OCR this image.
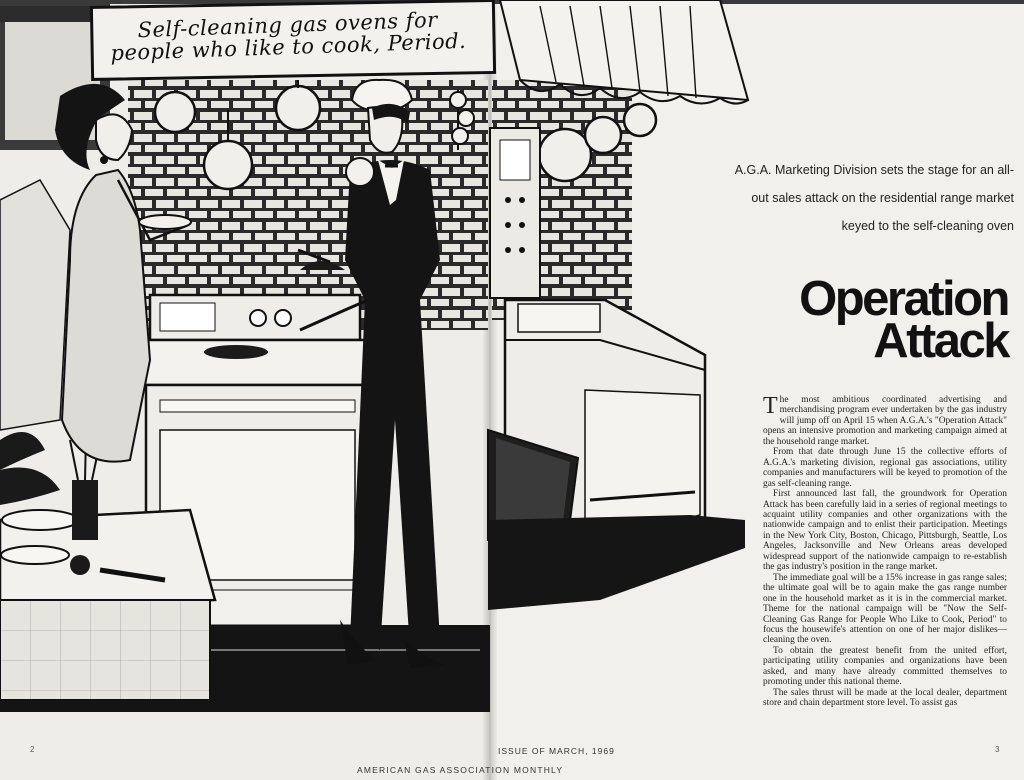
Self-cleaning gas ovens for people who like to cook, Period.
A.G.A. Marketing Division sets the stage for an all-out sales attack on the residential range market keyed to the self-cleaning oven
Operation
Attack

The most ambitious coordinated advertising and merchandising program ever undertaken by the gas industry will jump off on April 15 when A.G.A.'s "Operation Attack" opens an intensive promotion and marketing campaign aimed at the household range market.

From that date through June 15 the collective efforts of A.G.A.'s marketing division, regional gas associations, utility companies and manufacturers will be keyed to promotion of the gas self-cleaning range.

First announced last fall, the groundwork for Operation Attack has been carefully laid in a series of regional meetings to acquaint utility companies and other organizations with the nationwide campaign and to enlist their participation. Meetings in the New York City, Boston, Chicago, Pittsburgh, Seattle, Los Angeles, Jacksonville and New Orleans areas developed widespread support of the nationwide campaign to re-establish the gas industry's position in the range market.

The immediate goal will be a 15% increase in gas range sales; the ultimate goal will be to again make the gas range number one in the household market as it is in the commercial market. Theme for the national campaign will be "Now the Self-Cleaning Gas Range for People Who Like to Cook, Period" to focus the housewife's attention on one of her major dislikes—cleaning the oven.

To obtain the greatest benefit from the united effort, participating utility companies and organizations have been asked, and many have already committed themselves to promoting under this national theme.

The sales thrust will be made at the local dealer, department store and chain department store level. To assist gas

2
AMERICAN GAS ASSOCIATION MONTHLY
ISSUE OF MARCH, 1969	3
